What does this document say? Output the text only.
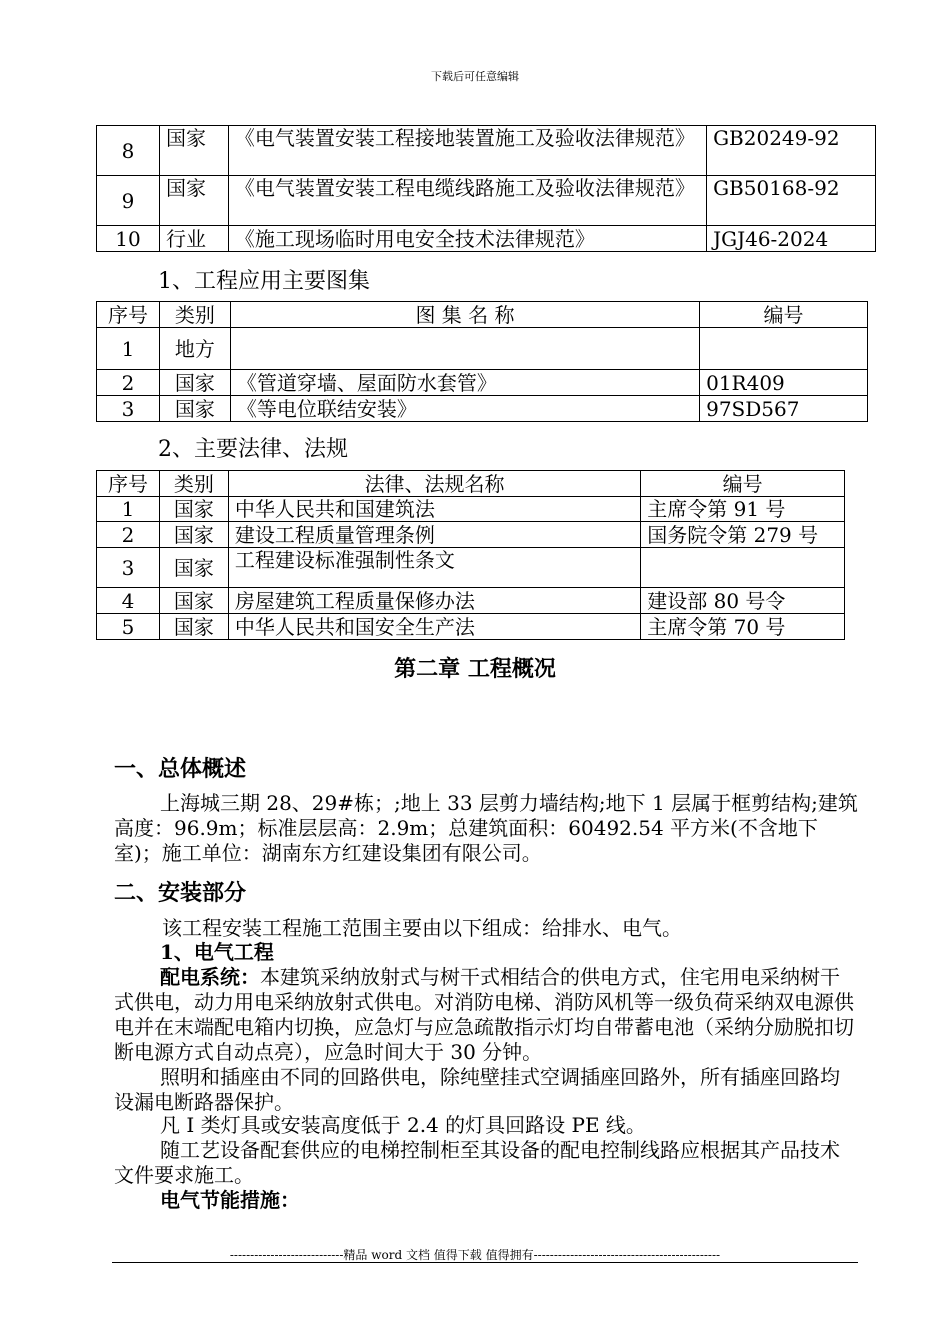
下载后可任意编辑
8	国家	《电气装置安装工程接地装置施工及验收法律规范》	GB20249-92
9	国家	《电气装置安装工程电缆线路施工及验收法律规范》	GB50168-92
10	行业	《施工现场临时用电安全技术法律规范》	JGJ46-2024
1、工程应用主要图集
序号	类别	图 集 名 称	编号
1	地方		
2	国家	《管道穿墙、屋面防水套管》	01R409
3	国家	《等电位联结安装》	97SD567
2、主要法律、法规
序号	类别	法律、法规名称	编号
1	国家	中华人民共和国建筑法	主席令第 91 号
2	国家	建设工程质量管理条例	国务院令第 279 号
3	国家	工程建设标准强制性条文	
4	国家	房屋建筑工程质量保修办法	建设部 80 号令
5	国家	中华人民共和国安全生产法	主席令第 70 号
第二章 工程概况
一、总体概述
上海城三期 28、29#栋；;地上 33 层剪力墙结构;地下 1 层属于框剪结构;建筑高度：96.9m；标准层层高：2.9m；总建筑面积：60492.54 平方米(不含地下室)；施工单位：湖南东方红建设集团有限公司。
二、安装部分
该工程安装工程施工范围主要由以下组成：给排水、电气。
1、电气工程
配电系统：本建筑采纳放射式与树干式相结合的供电方式，住宅用电采纳树干式供电，动力用电采纳放射式供电。对消防电梯、消防风机等一级负荷采纳双电源供电并在末端配电箱内切换，应急灯与应急疏散指示灯均自带蓄电池（采纳分励脱扣切断电源方式自动点亮），应急时间大于 30 分钟。
照明和插座由不同的回路供电，除纯壁挂式空调插座回路外，所有插座回路均设漏电断路器保护。
凡 I 类灯具或安装高度低于 2.4 的灯具回路设 PE 线。
随工艺设备配套供应的电梯控制柜至其设备的配电控制线路应根据其产品技术文件要求施工。
电气节能措施：
----------------------------精品 word 文档 值得下载 值得拥有----------------------------------------------
